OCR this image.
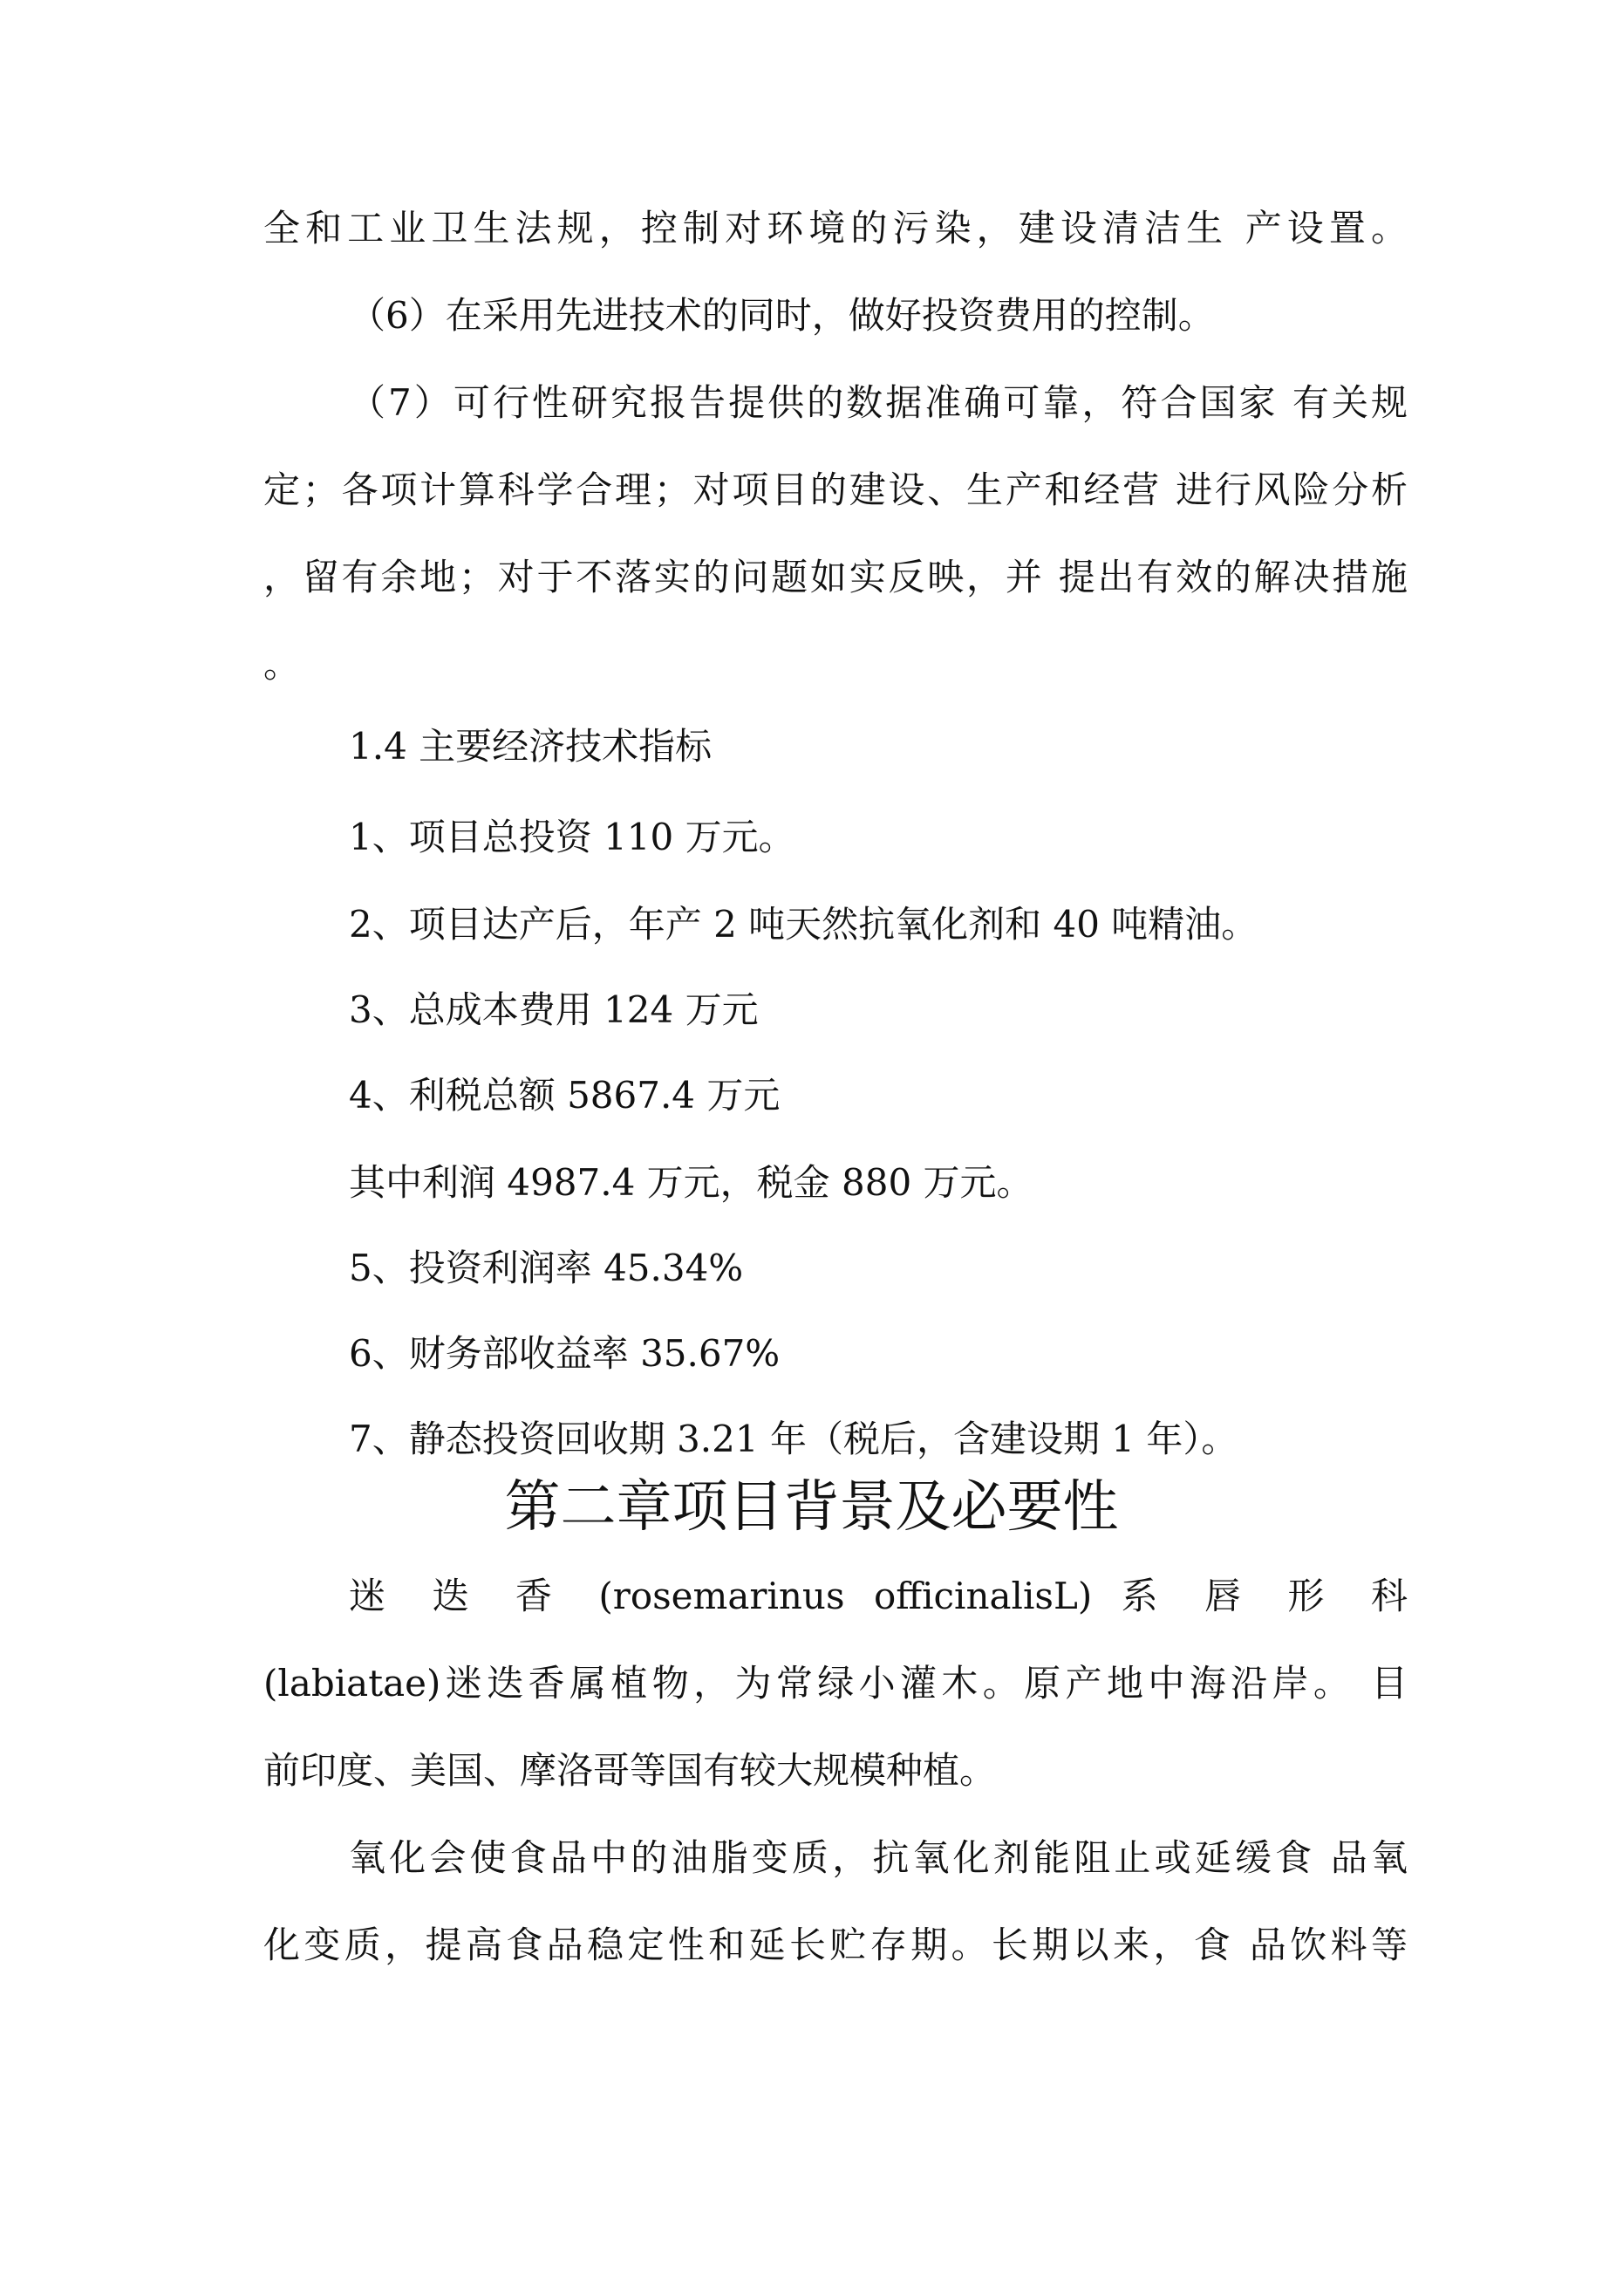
全和工业卫生法规，控制对环境的污染，建设清洁生 产设置。
（6）在采用先进技术的同时，做好投资费用的控制。
（7）可行性研究报告提供的数据准确可靠，符合国家 有关规
定；各项计算科学合理；对项目的建设、生产和经营 进行风险分析
，留有余地；对于不落实的问题如实反映，并 提出有效的解决措施
。
1.4 主要经济技术指标
1、项目总投资 110 万元。
2、项目达产后，年产 2 吨天然抗氧化剂和 40 吨精油。
3、总成本费用 124 万元
4、利税总额 5867.4 万元
其中利润 4987.4 万元，税金 880 万元。
5、投资利润率 45.34%
6、财务部收益率 35.67%
7、静态投资回收期 3.21 年（税后，含建设期 1 年）。
第二章项目背景及必要性
迷 迭 香 (rosemarinus officinalisL) 系 唇 形 科
(labiatae)迷迭香属植物，为常绿小灌木。原产地中海沿岸。 目
前印度、美国、摩洛哥等国有较大规模种植。
氧化会使食品中的油脂变质，抗氧化剂能阻止或延缓食 品氧
化变质，提高食品稳定性和延长贮存期。长期以来，食 品饮料等
